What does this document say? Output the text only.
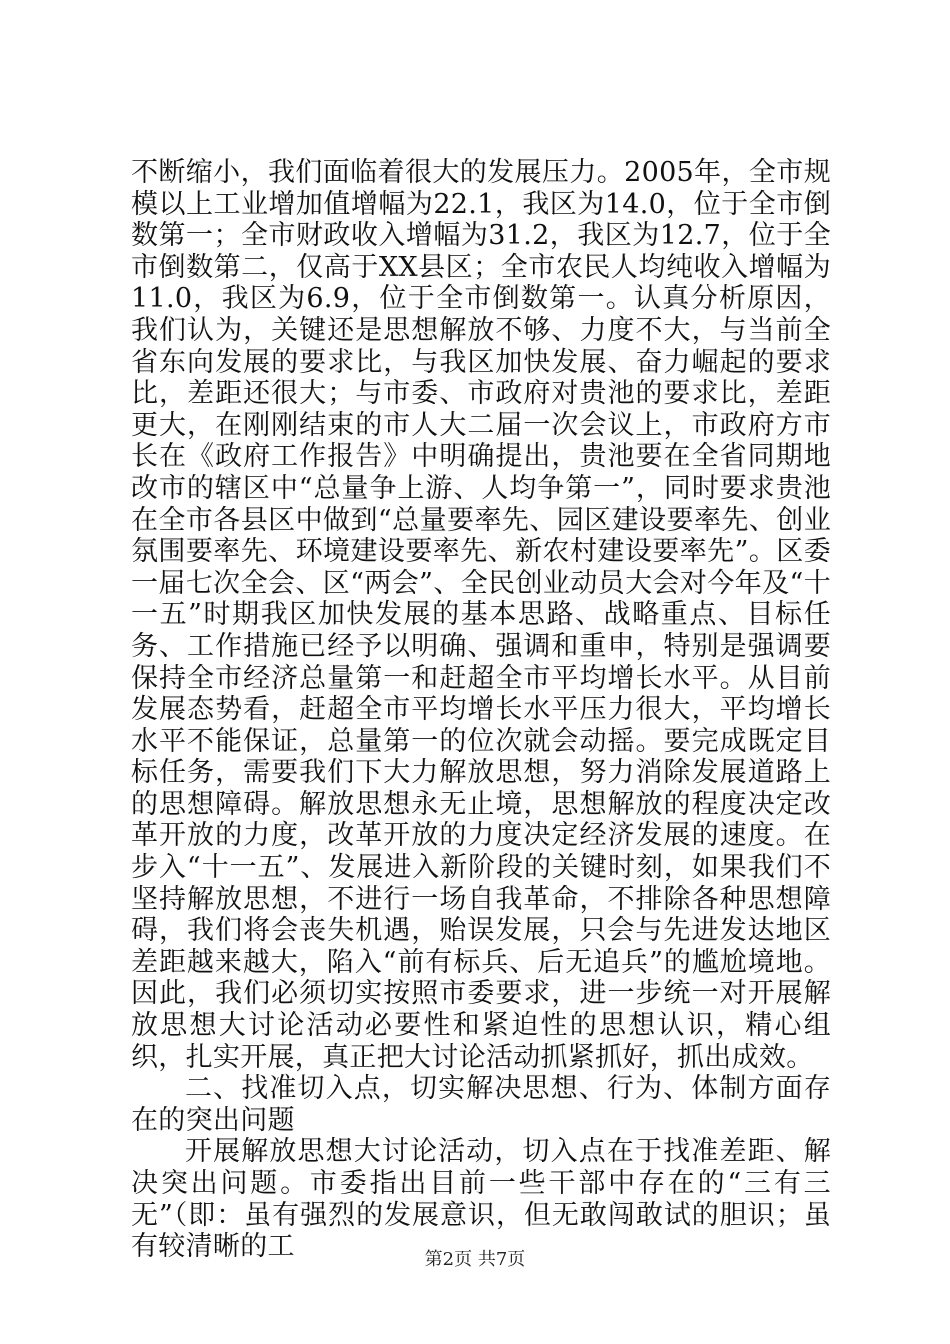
不断缩小，我们面临着很大的发展压力。2005年，全市规模以上工业增加值增幅为22.1，我区为14.0，位于全市倒数第一；全市财政收入增幅为31.2，我区为12.7，位于全市倒数第二，仅高于XX县区；全市农民人均纯收入增幅为11.0，我区为6.9，位于全市倒数第一。认真分析原因，我们认为，关键还是思想解放不够、力度不大，与当前全省东向发展的要求比，与我区加快发展、奋力崛起的要求比，差距还很大；与市委、市政府对贵池的要求比，差距更大，在刚刚结束的市人大二届一次会议上，市政府方市长在《政府工作报告》中明确提出，贵池要在全省同期地改市的辖区中“总量争上游、人均争第一”，同时要求贵池在全市各县区中做到“总量要率先、园区建设要率先、创业氛围要率先、环境建设要率先、新农村建设要率先”。区委一届七次全会、区“两会”、全民创业动员大会对今年及“十一五”时期我区加快发展的基本思路、战略重点、目标任务、工作措施已经予以明确、强调和重申，特别是强调要保持全市经济总量第一和赶超全市平均增长水平。从目前发展态势看，赶超全市平均增长水平压力很大，平均增长水平不能保证，总量第一的位次就会动摇。要完成既定目标任务，需要我们下大力解放思想，努力消除发展道路上的思想障碍。解放思想永无止境，思想解放的程度决定改革开放的力度，改革开放的力度决定经济发展的速度。在步入“十一五”、发展进入新阶段的关键时刻，如果我们不坚持解放思想，不进行一场自我革命，不排除各种思想障碍，我们将会丧失机遇，贻误发展，只会与先进发达地区差距越来越大，陷入“前有标兵、后无追兵”的尴尬境地。因此，我们必须切实按照市委要求，进一步统一对开展解放思想大讨论活动必要性和紧迫性的思想认识，精心组织，扎实开展，真正把大讨论活动抓紧抓好，抓出成效。

二、找准切入点，切实解决思想、行为、体制方面存在的突出问题

开展解放思想大讨论活动，切入点在于找准差距、解决突出问题。市委指出目前一些干部中存在的“三有三无”（即：虽有强烈的发展意识，但无敢闯敢试的胆识；虽有较清晰的工	第2页 共7页
